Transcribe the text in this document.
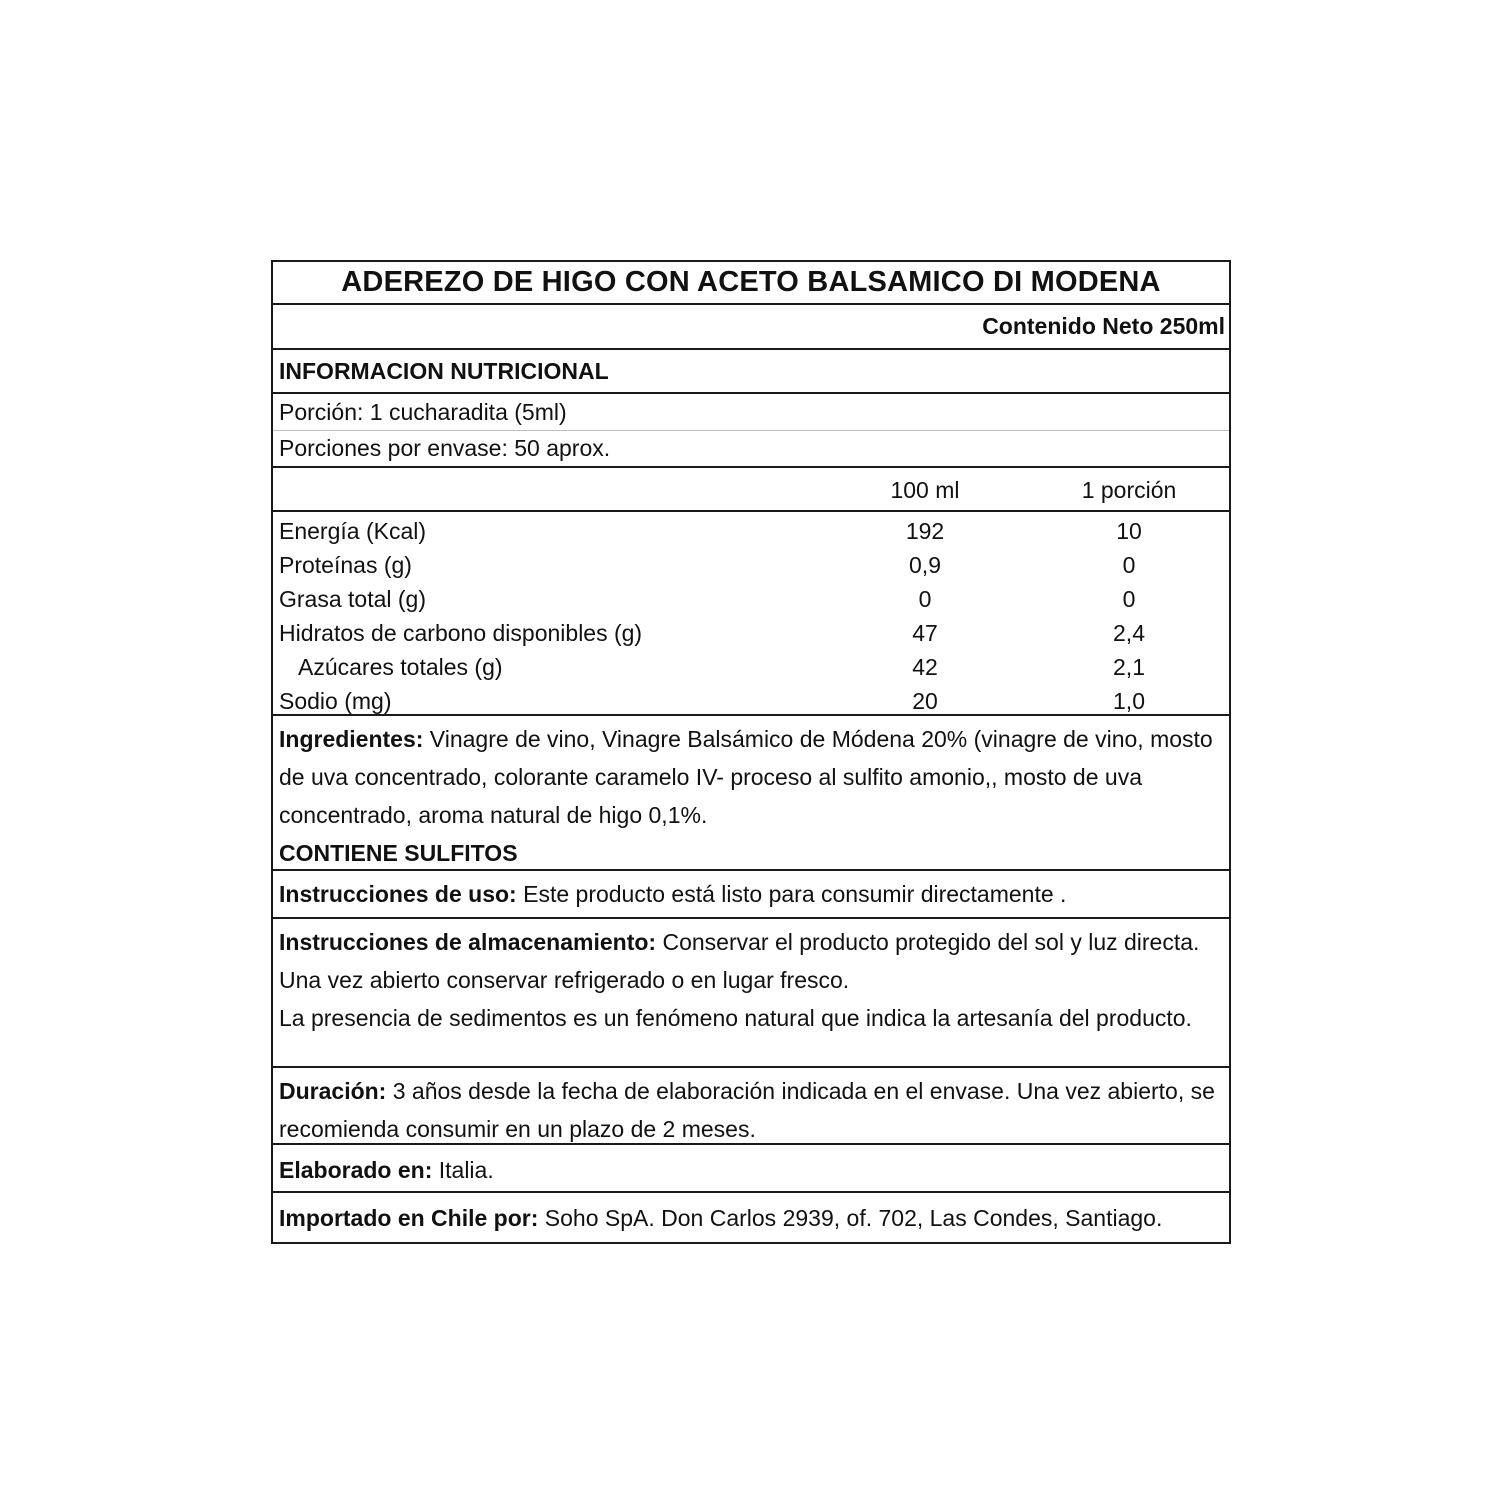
ADEREZO DE HIGO CON ACETO BALSAMICO DI MODENA
Contenido Neto 250ml
INFORMACION NUTRICIONAL
Porción: 1 cucharadita (5ml)
Porciones por envase: 50 aprox.
100 ml	1 porción
Energía (Kcal)	192	10
Proteínas (g)	0,9	0
Grasa total (g)	0	0
Hidratos de carbono disponibles (g)	47	2,4
Azúcares totales (g)	42	2,1
Sodio (mg)	20	1,0
Ingredientes: Vinagre de vino, Vinagre Balsámico de Módena 20% (vinagre de vino, mosto de uva concentrado, colorante caramelo IV- proceso al sulfito amonio,, mosto de uva concentrado, aroma natural de higo 0,1%.
CONTIENE SULFITOS
Instrucciones de uso: Este producto está listo para consumir directamente .
Instrucciones de almacenamiento: Conservar el producto protegido del sol y luz directa. Una vez abierto conservar refrigerado o en lugar fresco.
La presencia de sedimentos es un fenómeno natural que indica la artesanía del producto.
Duración: 3 años desde la fecha de elaboración indicada en el envase. Una vez abierto, se recomienda consumir en un plazo de 2 meses.
Elaborado en: Italia.
Importado en Chile por: Soho SpA. Don Carlos 2939, of. 702, Las Condes, Santiago.
